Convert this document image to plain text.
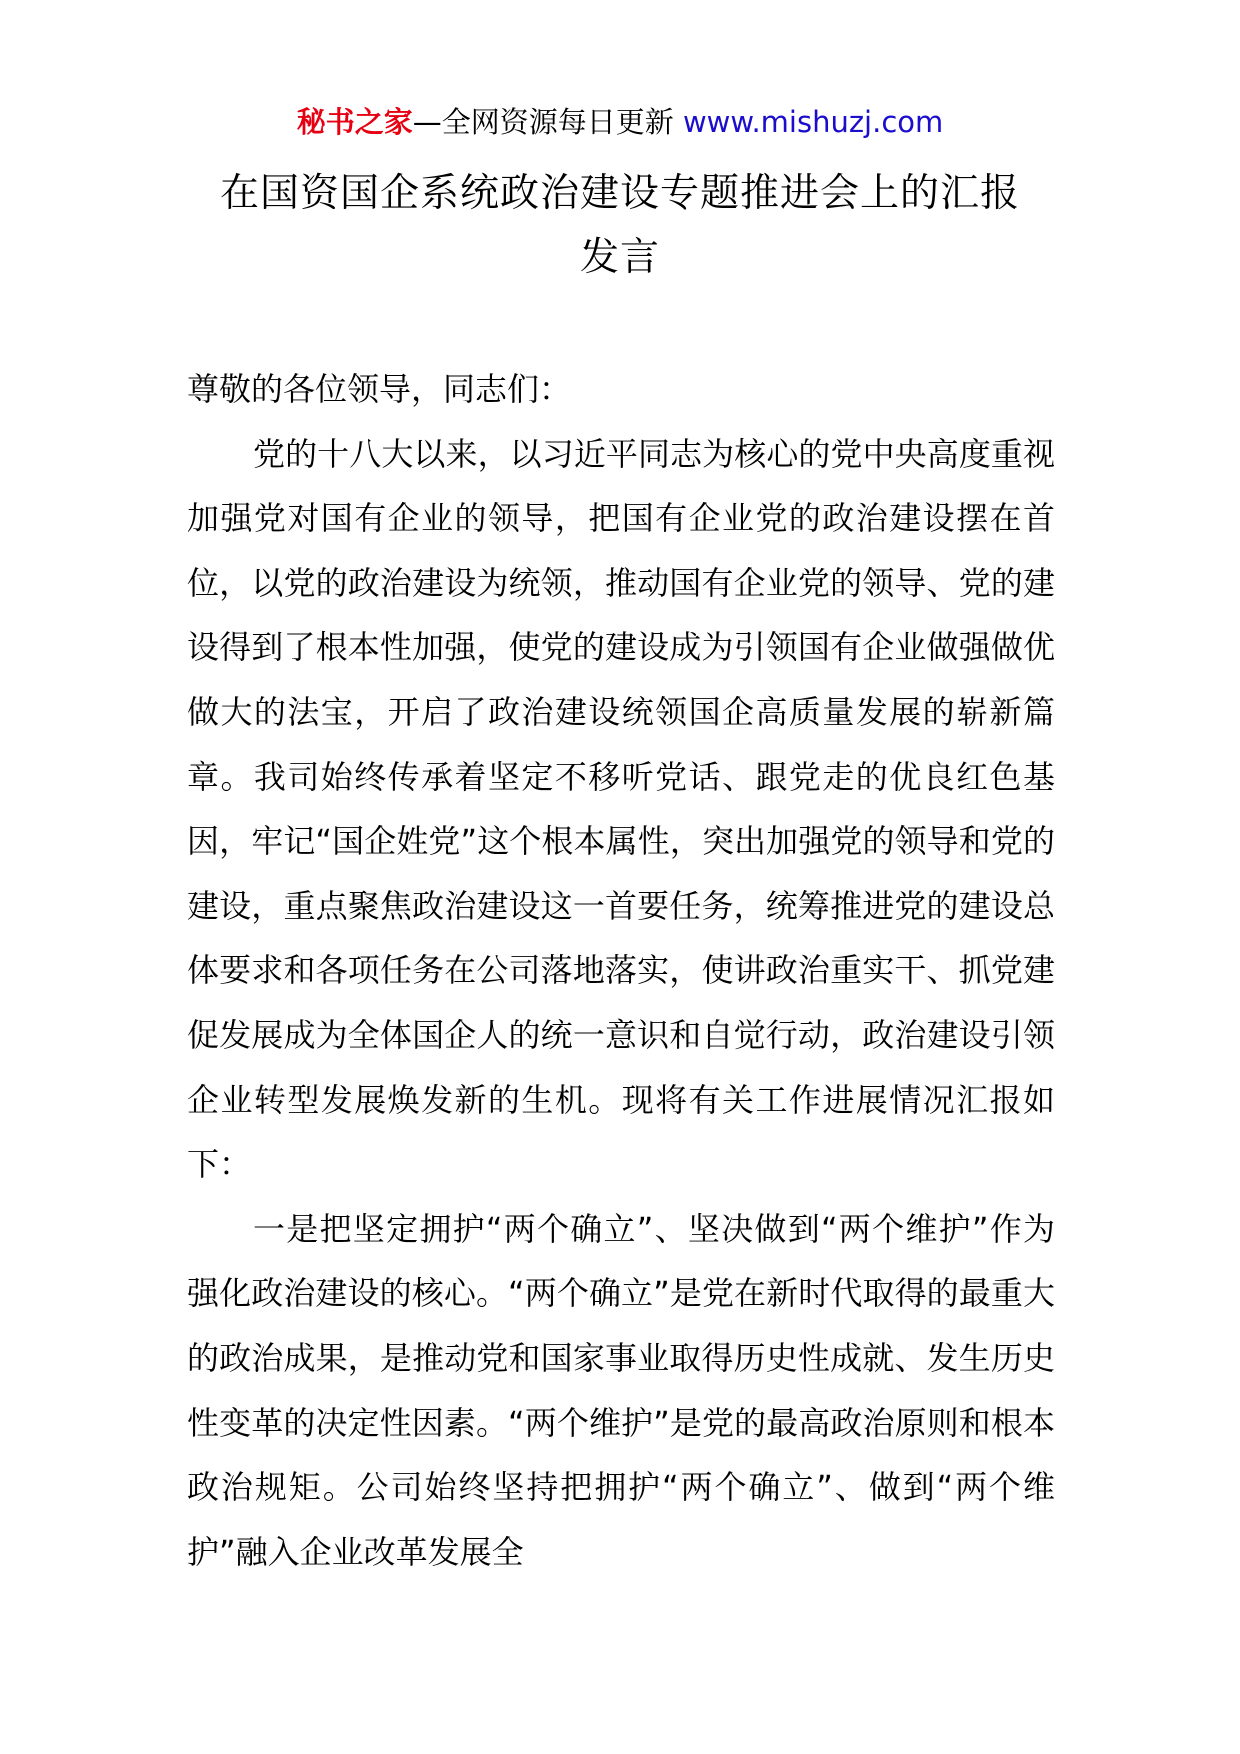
秘书之家—全网资源每日更新 www.mishuzj.com
在国资国企系统政治建设专题推进会上的汇报
发言

尊敬的各位领导，同志们：

党的十八大以来，以习近平同志为核心的党中央高度重视加强党对国有企业的领导，把国有企业党的政治建设摆在首位，以党的政治建设为统领，推动国有企业党的领导、党的建设得到了根本性加强，使党的建设成为引领国有企业做强做优做大的法宝，开启了政治建设统领国企高质量发展的崭新篇章。我司始终传承着坚定不移听党话、跟党走的优良红色基因，牢记“国企姓党”这个根本属性，突出加强党的领导和党的建设，重点聚焦政治建设这一首要任务，统筹推进党的建设总体要求和各项任务在公司落地落实，使讲政治重实干、抓党建促发展成为全体国企人的统一意识和自觉行动，政治建设引领企业转型发展焕发新的生机。现将有关工作进展情况汇报如下：

一是把坚定拥护“两个确立”、坚决做到“两个维护”作为强化政治建设的核心。“两个确立”是党在新时代取得的最重大的政治成果，是推动党和国家事业取得历史性成就、发生历史性变革的决定性因素。“两个维护”是党的最高政治原则和根本政治规矩。公司始终坚持把拥护“两个确立”、做到“两个维护”融入企业改革发展全
